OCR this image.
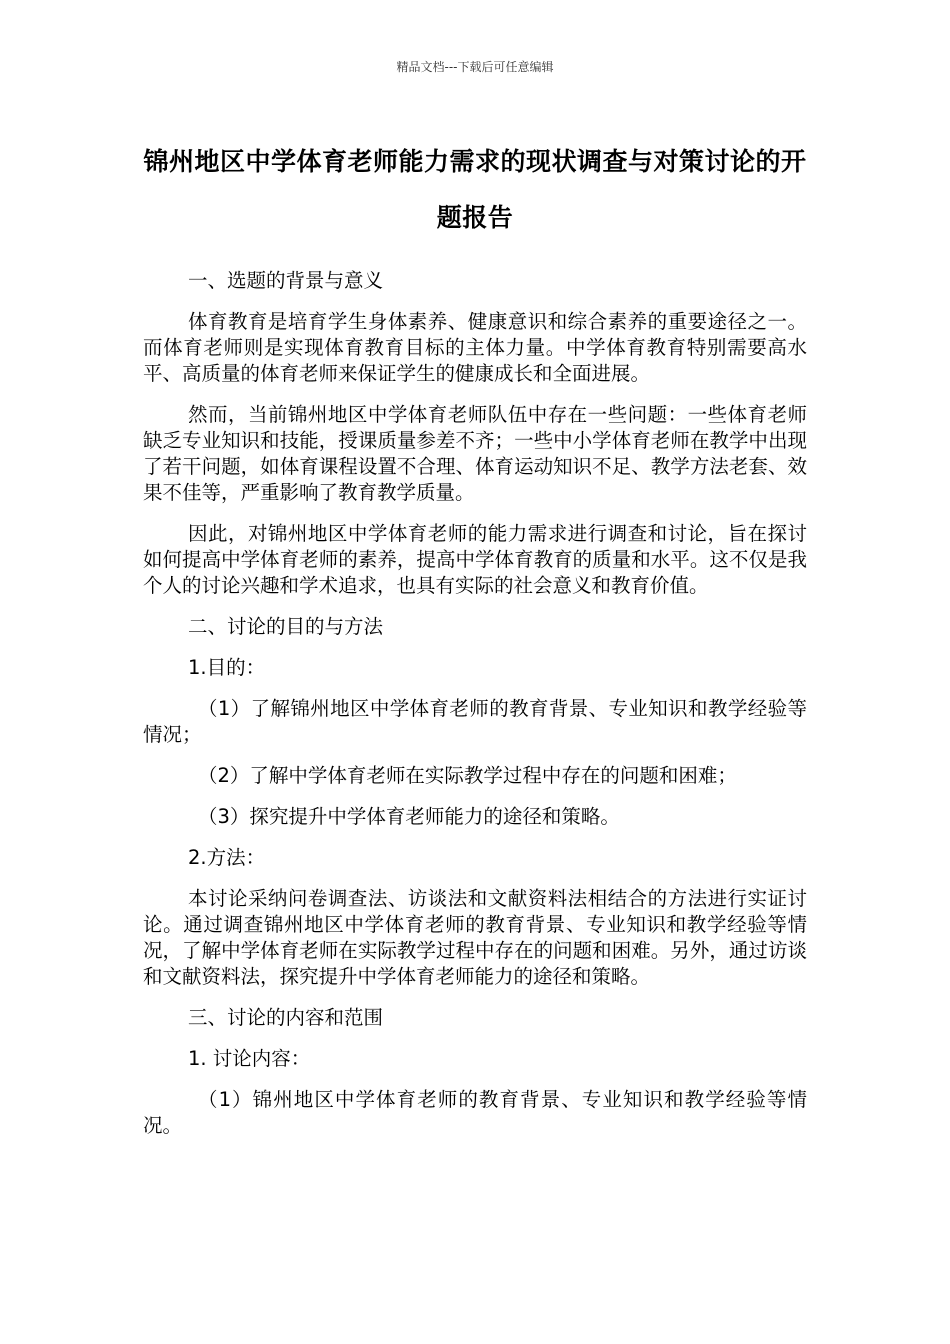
精品文档---下载后可任意编辑
锦州地区中学体育老师能力需求的现状调查与对策讨论的开题报告

一、选题的背景与意义

体育教育是培育学生身体素养、健康意识和综合素养的重要途径之一。而体育老师则是实现体育教育目标的主体力量。中学体育教育特别需要高水平、高质量的体育老师来保证学生的健康成长和全面进展。

然而，当前锦州地区中学体育老师队伍中存在一些问题：一些体育老师缺乏专业知识和技能，授课质量参差不齐；一些中小学体育老师在教学中出现了若干问题，如体育课程设置不合理、体育运动知识不足、教学方法老套、效果不佳等，严重影响了教育教学质量。

因此，对锦州地区中学体育老师的能力需求进行调查和讨论，旨在探讨如何提高中学体育老师的素养，提高中学体育教育的质量和水平。这不仅是我个人的讨论兴趣和学术追求，也具有实际的社会意义和教育价值。

二、讨论的目的与方法

1.目的：

（1）了解锦州地区中学体育老师的教育背景、专业知识和教学经验等情况；

（2）了解中学体育老师在实际教学过程中存在的问题和困难；

（3）探究提升中学体育老师能力的途径和策略。

2.方法：

本讨论采纳问卷调查法、访谈法和文献资料法相结合的方法进行实证讨论。通过调查锦州地区中学体育老师的教育背景、专业知识和教学经验等情况，了解中学体育老师在实际教学过程中存在的问题和困难。另外，通过访谈和文献资料法，探究提升中学体育老师能力的途径和策略。

三、讨论的内容和范围

1. 讨论内容：

（1）锦州地区中学体育老师的教育背景、专业知识和教学经验等情况。
